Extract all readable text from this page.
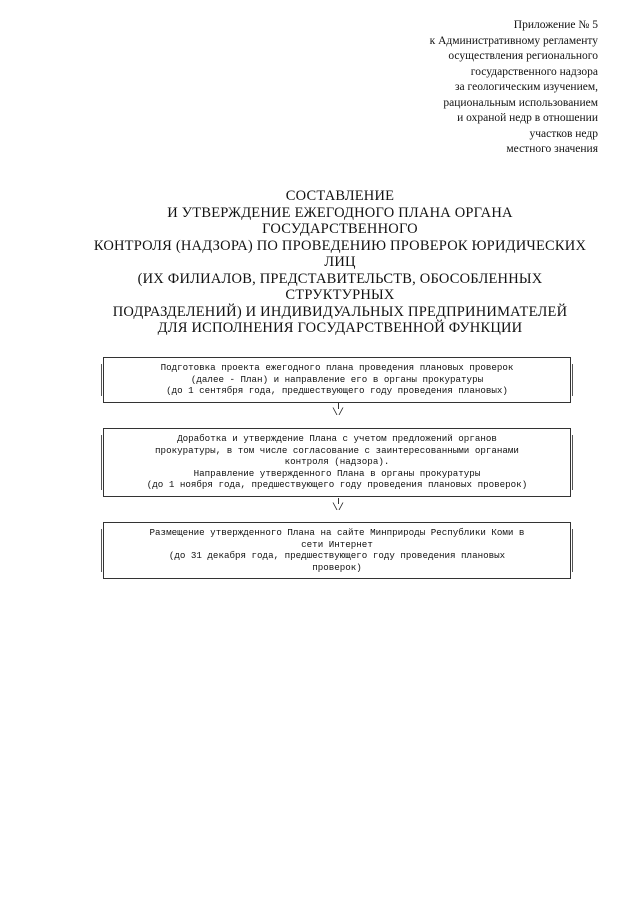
Приложение № 5
к Административному регламенту
осуществления регионального
государственного надзора
за геологическим изучением,
рациональным использованием
и охраной недр в отношении
участков недр
местного значения
СОСТАВЛЕНИЕ
И УТВЕРЖДЕНИЕ ЕЖЕГОДНОГО ПЛАНА ОРГАНА
ГОСУДАРСТВЕННОГО
КОНТРОЛЯ (НАДЗОРА) ПО ПРОВЕДЕНИЮ ПРОВЕРОК ЮРИДИЧЕСКИХ
ЛИЦ
(ИХ ФИЛИАЛОВ, ПРЕДСТАВИТЕЛЬСТВ, ОБОСОБЛЕННЫХ
СТРУКТУРНЫХ
ПОДРАЗДЕЛЕНИЙ) И ИНДИВИДУАЛЬНЫХ ПРЕДПРИНИМАТЕЛЕЙ
ДЛЯ ИСПОЛНЕНИЯ ГОСУДАРСТВЕННОЙ ФУНКЦИИ
Подготовка проекта ежегодного плана проведения плановых проверок
(далее - План) и направление его в органы прокуратуры
(до 1 сентября года, предшествующего году проведения плановых)
\/
Доработка и утверждение Плана с учетом предложений органов
прокуратуры, в том числе согласование с заинтересованными органами
контроля (надзора).
Направление утвержденного Плана в органы прокуратуры
(до 1 ноября года, предшествующего году проведения плановых проверок)
\/
Размещение утвержденного Плана на сайте Минприроды Республики Коми в
сети Интернет
(до 31 декабря года, предшествующего году проведения плановых
проверок)
